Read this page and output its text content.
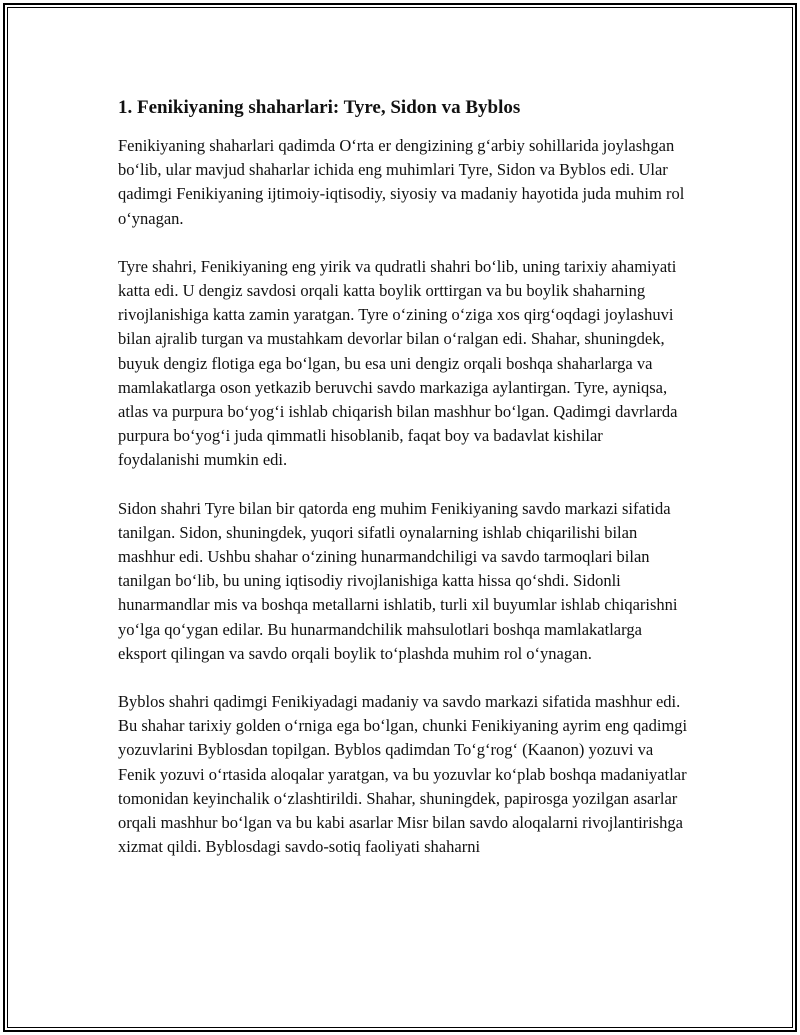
1. Fenikiyaning shaharlari: Tyre, Sidon va Byblos

Fenikiyaning shaharlari qadimda O‘rta er dengizining g‘arbiy sohillarida joylashgan bo‘lib, ular mavjud shaharlar ichida eng muhimlari Tyre, Sidon va Byblos edi. Ular qadimgi Fenikiyaning ijtimoiy-iqtisodiy, siyosiy va madaniy hayotida juda muhim rol o‘ynagan.

Tyre shahri, Fenikiyaning eng yirik va qudratli shahri bo‘lib, uning tarixiy ahamiyati katta edi. U dengiz savdosi orqali katta boylik orttirgan va bu boylik shaharning rivojlanishiga katta zamin yaratgan. Tyre o‘zining o‘ziga xos qirg‘oqdagi joylashuvi bilan ajralib turgan va mustahkam devorlar bilan o‘ralgan edi. Shahar, shuningdek, buyuk dengiz flotiga ega bo‘lgan, bu esa uni dengiz orqali boshqa shaharlarga va mamlakatlarga oson yetkazib beruvchi savdo markaziga aylantirgan. Tyre, ayniqsa, atlas va purpura bo‘yog‘i ishlab chiqarish bilan mashhur bo‘lgan. Qadimgi davrlarda purpura bo‘yog‘i juda qimmatli hisoblanib, faqat boy va badavlat kishilar foydalanishi mumkin edi.

Sidon shahri Tyre bilan bir qatorda eng muhim Fenikiyaning savdo markazi sifatida tanilgan. Sidon, shuningdek, yuqori sifatli oynalarning ishlab chiqarilishi bilan mashhur edi. Ushbu shahar o‘zining hunarmandchiligi va savdo tarmoqlari bilan tanilgan bo‘lib, bu uning iqtisodiy rivojlanishiga katta hissa qo‘shdi. Sidonli hunarmandlar mis va boshqa metallarni ishlatib, turli xil buyumlar ishlab chiqarishni yo‘lga qo‘ygan edilar. Bu hunarmandchilik mahsulotlari boshqa mamlakatlarga eksport qilingan va savdo orqali boylik to‘plashda muhim rol o‘ynagan.

Byblos shahri qadimgi Fenikiyadagi madaniy va savdo markazi sifatida mashhur edi. Bu shahar tarixiy golden o‘rniga ega bo‘lgan, chunki Fenikiyaning ayrim eng qadimgi yozuvlarini Byblosdan topilgan. Byblos qadimdan To‘g‘rog‘ (Kaanon) yozuvi va Fenik yozuvi o‘rtasida aloqalar yaratgan, va bu yozuvlar ko‘plab boshqa madaniyatlar tomonidan keyinchalik o‘zlashtirildi. Shahar, shuningdek, papirosga yozilgan asarlar orqali mashhur bo‘lgan va bu kabi asarlar Misr bilan savdo aloqalarni rivojlantirishga xizmat qildi. Byblosdagi savdo-sotiq faoliyati shaharni
